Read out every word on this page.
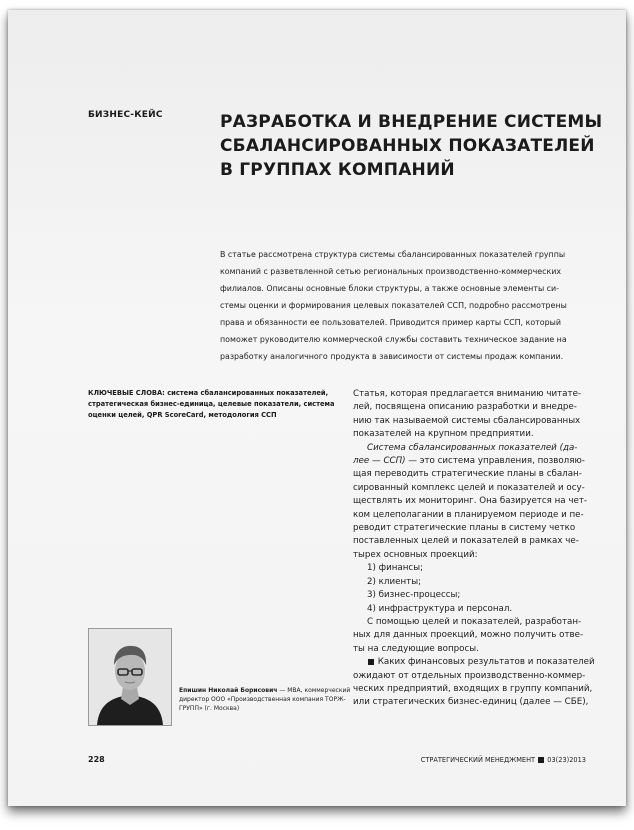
БИЗНЕС-КЕЙС	РАЗРАБОТКА И ВНЕДРЕНИЕ СИСТЕМЫ
СБАЛАНСИРОВАННЫХ ПОКАЗАТЕЛЕЙ
В ГРУППАХ КОМПАНИЙ
В статье рассмотрена структура системы сбалансированных показателей группы
компаний с разветвленной сетью региональных производственно-коммерческих
филиалов. Описаны основные блоки структуры, а также основные элементы си-
стемы оценки и формирования целевых показателей ССП, подробно рассмотрены
права и обязанности ее пользователей. Приводится пример карты ССП, который
поможет руководителю коммерческой службы составить техническое задание на
разработку аналогичного продукта в зависимости от системы продаж компании.
КЛЮЧЕВЫЕ СЛОВА: система сбалансированных показателей,
стратегическая бизнес-единица, целевые показатели, система
оценки целей, QPR ScoreCard, методология ССП
Статья, которая предлагается вниманию читате-
лей, посвящена описанию разработки и внедре-
нию так называемой системы сбалансированных
показателей на крупном предприятии.
Система сбалансированных показателей (да-
лее — ССП) — это система управления, позволяю-
щая переводить стратегические планы в сбалан-
сированный комплекс целей и показателей и осу-
ществлять их мониторинг. Она базируется на чет-
ком целеполагании в планируемом периоде и пе-
реводит стратегические планы в систему четко
поставленных целей и показателей в рамках че-
тырех основных проекций:
1) финансы;
2) клиенты;
3) бизнес-процессы;
4) инфраструктура и персонал.
С помощью целей и показателей, разработан-
ных для данных проекций, можно получить отве-
ты на следующие вопросы.
Каких финансовых результатов и показателей
ожидают от отдельных производственно-коммер-
ческих предприятий, входящих в группу компаний,
или стратегических бизнес-единиц (далее — СБЕ),
Епишин Николай Борисович — MBA, коммерческий
директор ООО «Производственная компания ТОРЖ-
ГРУПП» (г. Москва)
228	СТРАТЕГИЧЕСКИЙ МЕНЕДЖМЕНТ 03(23)2013
